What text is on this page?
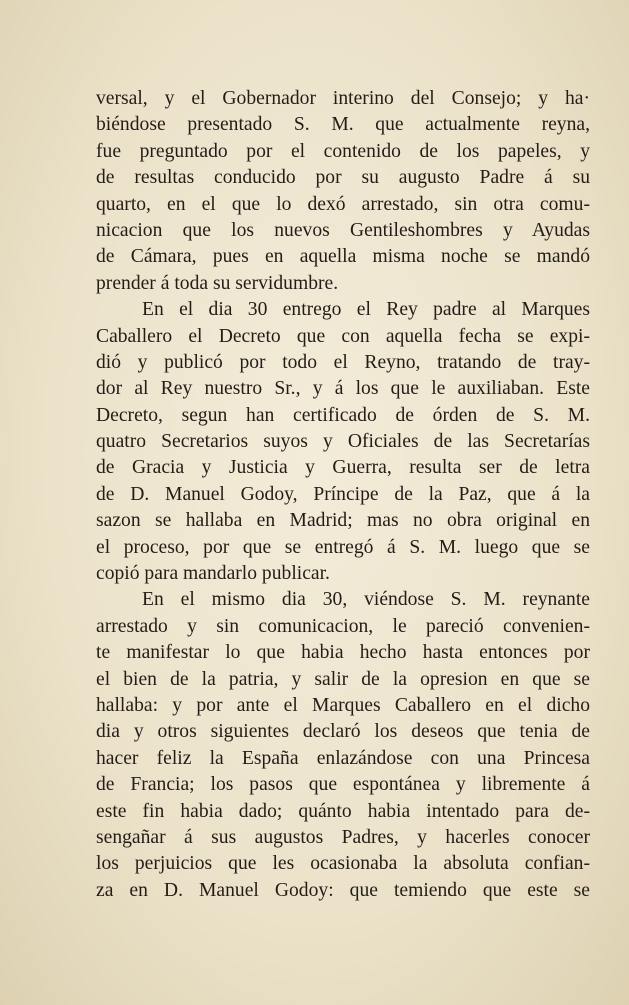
versal, y el Gobernador interino del Consejo; y ha·
biéndose presentado S. M. que actualmente reyna,
fue preguntado por el contenido de los papeles, y
de resultas conducido por su augusto Padre á su
quarto, en el que lo dexó arrestado, sin otra comu-
nicacion que los nuevos Gentileshombres y Ayudas
de Cámara, pues en aquella misma noche se mandó
prender á toda su servidumbre.
En el dia 30 entrego el Rey padre al Marques
Caballero el Decreto que con aquella fecha se expi-
dió y publicó por todo el Reyno, tratando de tray-
dor al Rey nuestro Sr., y á los que le auxiliaban. Este
Decreto, segun han certificado de órden de S. M.
quatro Secretarios suyos y Oficiales de las Secretarías
de Gracia y Justicia y Guerra, resulta ser de letra
de D. Manuel Godoy, Príncipe de la Paz, que á la
sazon se hallaba en Madrid; mas no obra original en
el proceso, por que se entregó á S. M. luego que se
copió para mandarlo publicar.
En el mismo dia 30, viéndose S. M. reynante
arrestado y sin comunicacion, le pareció convenien-
te manifestar lo que habia hecho hasta entonces por
el bien de la patria, y salir de la opresion en que se
hallaba: y por ante el Marques Caballero en el dicho
dia y otros siguientes declaró los deseos que tenia de
hacer feliz la España enlazándose con una Princesa
de Francia; los pasos que espontánea y libremente á
este fin habia dado; quánto habia intentado para de-
sengañar á sus augustos Padres, y hacerles conocer
los perjuicios que les ocasionaba la absoluta confian-
za en D. Manuel Godoy: que temiendo que este se
